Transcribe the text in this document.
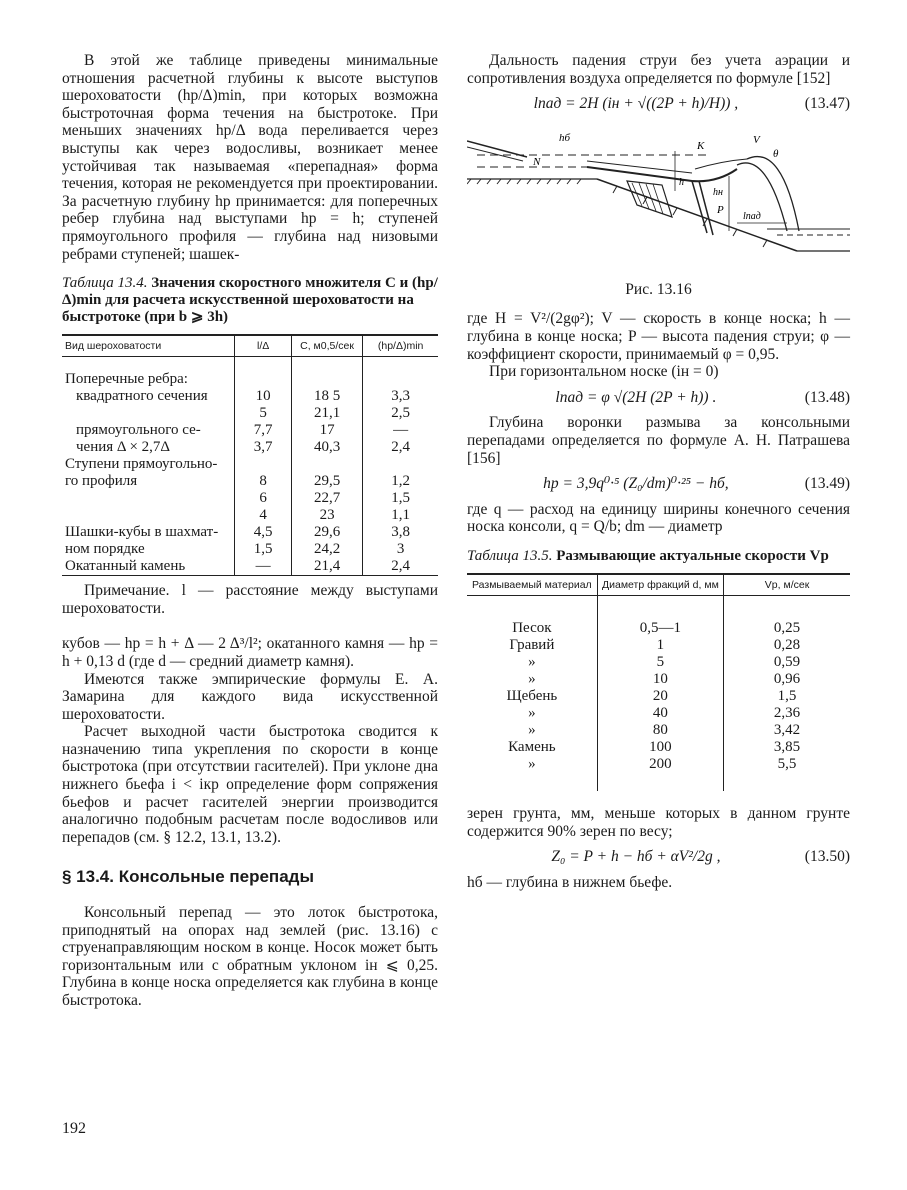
В этой же таблице приведены минимальные отношения расчетной глубины к высоте выступов шероховатости (hр/Δ)min, при которых возможна быстроточная форма течения на быстротоке. При меньших значениях hр/Δ вода переливается через выступы как через водосливы, возникает менее устойчивая так называемая «перепадная» форма течения, которая не рекомендуется при проектировании. За расчетную глубину hр принимается: для поперечных ребер глубина над выступами hр = h; ступеней прямоугольного профиля — глубина над низовыми ребрами ступеней; шашек-

Таблица 13.4. Значения скоростного множителя C и (hр/Δ)min для расчета искусственной шероховатости на быстротоке (при b ⩾ 3h)
Вид шероховатости	l/Δ	C, м0,5/сек	(hр/Δ)min
Поперечные ребра:			
квадратного сечения	10	18 5	3,3
	5	21,1	2,5
прямоугольного се-	7,7	17	—
чения Δ × 2,7Δ	3,7	40,3	2,4
Ступени прямоугольно-			
го профиля	8	29,5	1,2
	6	22,7	1,5
	4	23	1,1
Шашки-кубы в шахмат-	4,5	29,6	3,8
ном порядке	1,5	24,2	3
Окатанный камень	—	21,4	2,4

Примечание. l — расстояние между выступами шероховатости.

кубов — hр = h + Δ — 2 Δ³/l²; окатанного камня — hр = h + 0,13 d (где d — средний диаметр камня).

Имеются также эмпирические формулы Е. А. Замарина для каждого вида искусственной шероховатости.

Расчет выходной части быстротока сводится к назначению типа укрепления по скорости в конце быстротока (при отсутствии гасителей). При уклоне дна нижнего бьефа i < iкр определение форм сопряжения бьефов и расчет гасителей энергии производится аналогично подобным расчетам после водосливов или перепадов (см. § 12.2, 13.1, 13.2).

§ 13.4. Консольные перепады

Консольный перепад — это лоток быстротока, приподнятый на опорах над землей (рис. 13.16) с струенаправляющим носком в конце. Носок может быть горизонтальным или с обратным уклоном iн ⩽ 0,25. Глубина в конце носка определяется как глубина в конце быстротока.

Дальность падения струи без учета аэрации и сопротивления воздуха определяется по формуле [152]

lпад = 2H (iн + √((2P + h)/H)) ,	(13.47)
hб
N
K	V
θ
hн
lпад
h
P
Рис. 13.16

где H = V²/(2gφ²); V — скорость в конце носка; h — глубина в конце носка; P — высота падения струи; φ — коэффициент скорости, принимаемый φ = 0,95.

При горизонтальном носке (iн = 0)

lпад = φ √(2H (2P + h)) .	(13.48)

Глубина воронки размыва за консольными перепадами определяется по формуле А. Н. Патрашева [156]

hр = 3,9q⁰·⁵ (Z₀/dm)⁰·²⁵ − hб,	(13.49)

где q — расход на единицу ширины конечного сечения носка консоли, q = Q/b; dm — диаметр

Таблица 13.5. Размывающие актуальные скорости Vр
Размываемый материал	Диаметр фракций d, мм	Vр, м/сек
Песок	0,5—1	0,25
Гравий	1	0,28
»	5	0,59
»	10	0,96
Щебень	20	1,5
»	40	2,36
»	80	3,42
Камень	100	3,85
»	200	5,5

зерен грунта, мм, меньше которых в данном грунте содержится 90% зерен по весу;

Z₀ = P + h − hб + αV²/2g ,	(13.50)

hб — глубина в нижнем бьефе.

192
